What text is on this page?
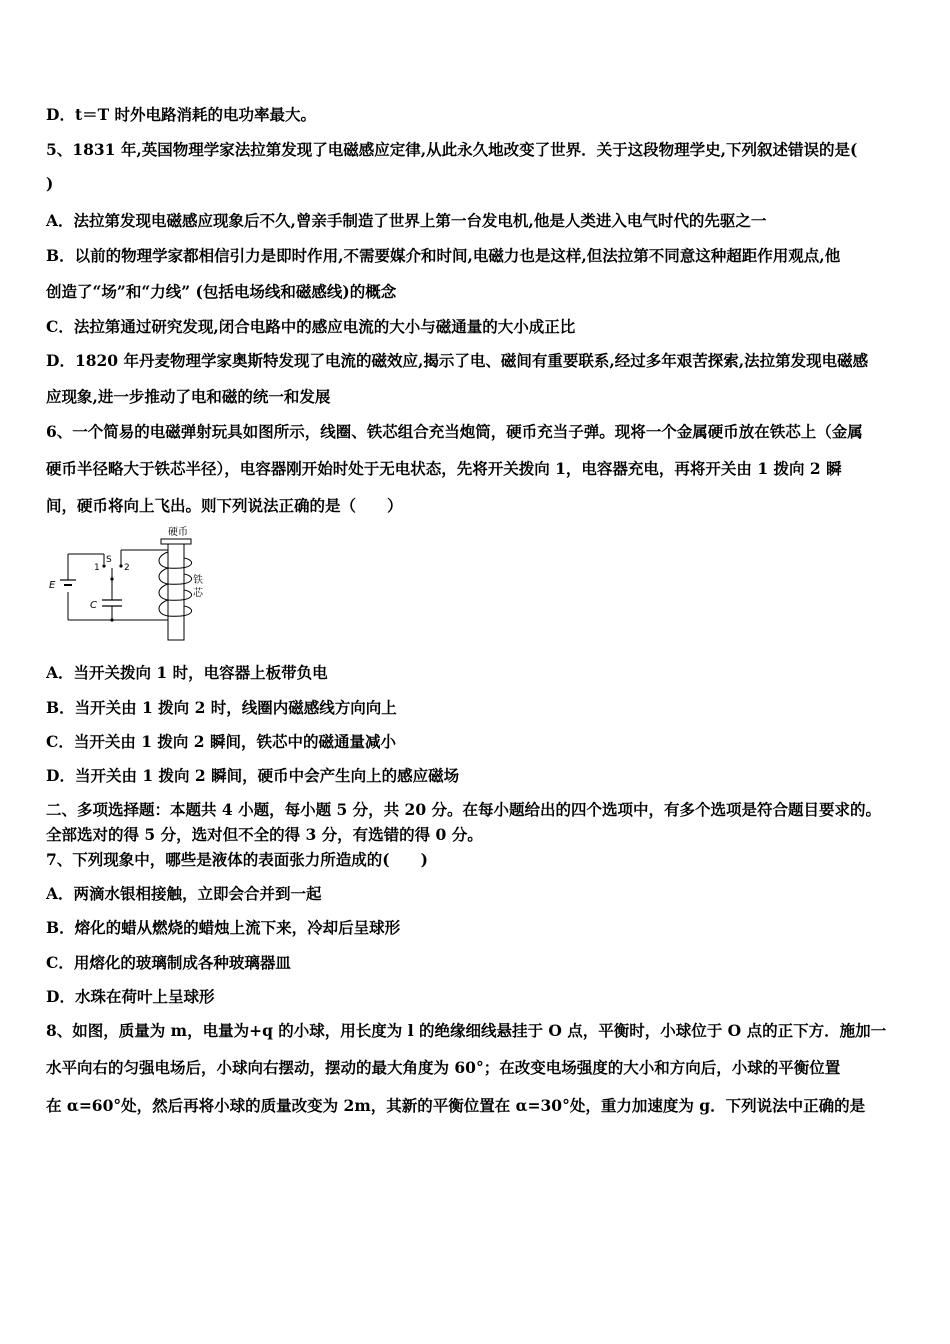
D．t＝T 时外电路消耗的电功率最大。
5、1831 年,英国物理学家法拉第发现了电磁感应定律,从此永久地改变了世界．关于这段物理学史,下列叙述错误的是(
)
A．法拉第发现电磁感应现象后不久,曾亲手制造了世界上第一台发电机,他是人类进入电气时代的先驱之一
B．以前的物理学家都相信引力是即时作用,不需要媒介和时间,电磁力也是这样,但法拉第不同意这种超距作用观点,他
创造了“场”和“力线” (包括电场线和磁感线)的概念
C．法拉第通过研究发现,闭合电路中的感应电流的大小与磁通量的大小成正比
D．1820 年丹麦物理学家奥斯特发现了电流的磁效应,揭示了电、磁间有重要联系,经过多年艰苦探索,法拉第发现电磁感
应现象,进一步推动了电和磁的统一和发展
6、一个简易的电磁弹射玩具如图所示，线圈、铁芯组合充当炮筒，硬币充当子弹。现将一个金属硬币放在铁芯上（金属
硬币半径略大于铁芯半径），电容器刚开始时处于无电状态，先将开关拨向 1，电容器充电，再将开关由 1 拨向 2 瞬
间，硬币将向上飞出。则下列说法正确的是（　　）
E
S
1	2
C
硬币
铁
芯
A．当开关拨向 1 时，电容器上板带负电
B．当开关由 1 拨向 2 时，线圈内磁感线方向向上
C．当开关由 1 拨向 2 瞬间，铁芯中的磁通量减小
D．当开关由 1 拨向 2 瞬间，硬币中会产生向上的感应磁场
二、多项选择题：本题共 4 小题，每小题 5 分，共 20 分。在每小题给出的四个选项中，有多个选项是符合题目要求的。
全部选对的得 5 分，选对但不全的得 3 分，有选错的得 0 分。
7、下列现象中，哪些是液体的表面张力所造成的(　　)
A．两滴水银相接触，立即会合并到一起
B．熔化的蜡从燃烧的蜡烛上流下来，冷却后呈球形
C．用熔化的玻璃制成各种玻璃器皿
D．水珠在荷叶上呈球形
8、如图，质量为 m，电量为+q 的小球，用长度为 l 的绝缘细线悬挂于 O 点，平衡时，小球位于 O 点的正下方．施加一
水平向右的匀强电场后，小球向右摆动，摆动的最大角度为 60°；在改变电场强度的大小和方向后，小球的平衡位置
在 α=60°处，然后再将小球的质量改变为 2m，其新的平衡位置在 α=30°处，重力加速度为 g．下列说法中正确的是
